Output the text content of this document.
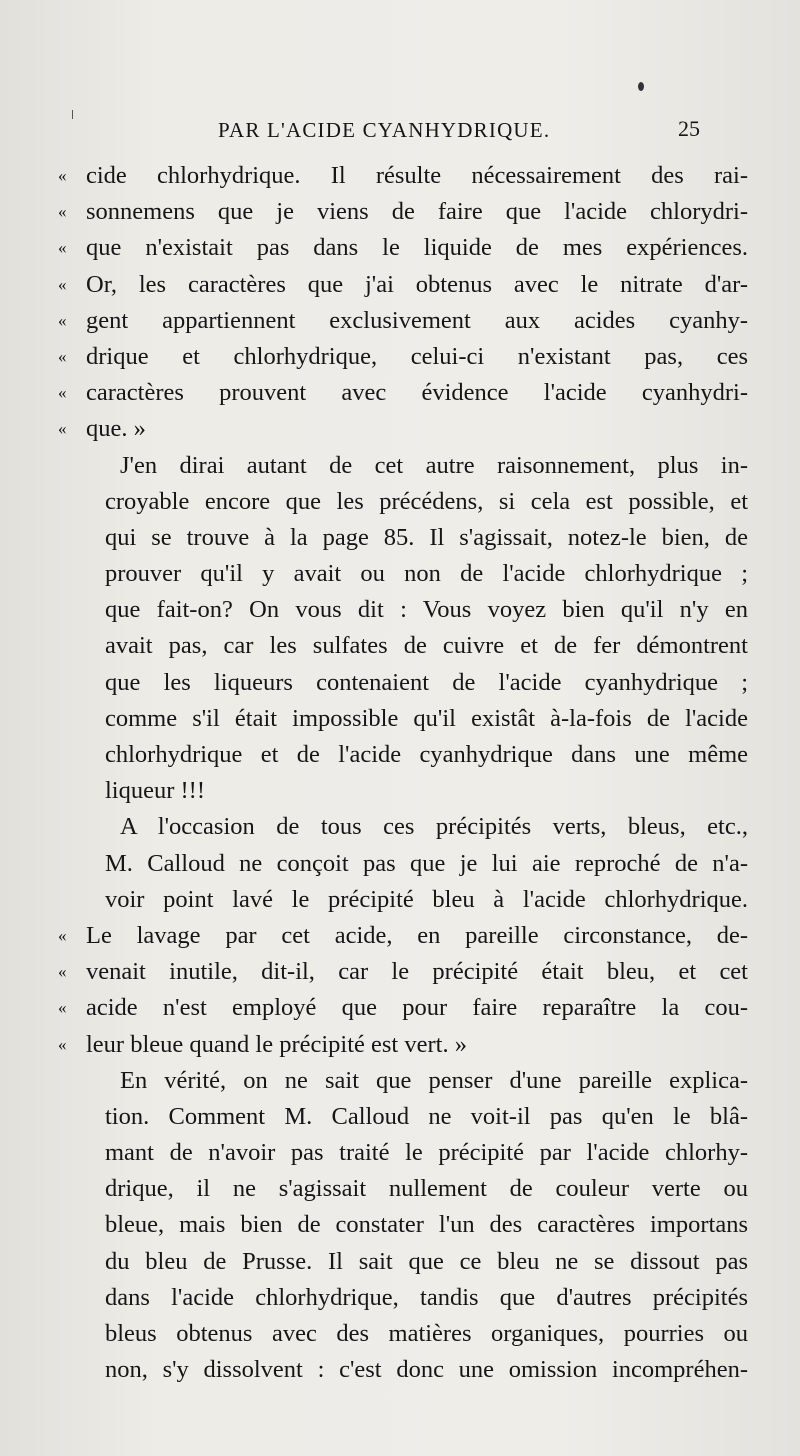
PAR L'ACIDE CYANHYDRIQUE.	25
« cide chlorhydrique. Il résulte nécessairement des rai-
« sonnemens que je viens de faire que l'acide chlorydri-
« que n'existait pas dans le liquide de mes expériences.
« Or, les caractères que j'ai obtenus avec le nitrate d'ar-
« gent appartiennent exclusivement aux acides cyanhy-
« drique et chlorhydrique, celui-ci n'existant pas, ces
« caractères prouvent avec évidence l'acide cyanhydri-
« que. »
J'en dirai autant de cet autre raisonnement, plus in-
croyable encore que les précédens, si cela est possible, et
qui se trouve à la page 85. Il s'agissait, notez-le bien, de
prouver qu'il y avait ou non de l'acide chlorhydrique ;
que fait-on? On vous dit : Vous voyez bien qu'il n'y en
avait pas, car les sulfates de cuivre et de fer démontrent
que les liqueurs contenaient de l'acide cyanhydrique ;
comme s'il était impossible qu'il existât à-la-fois de l'acide
chlorhydrique et de l'acide cyanhydrique dans une même
liqueur !!!
A l'occasion de tous ces précipités verts, bleus, etc.,
M. Calloud ne conçoit pas que je lui aie reproché de n'a-
voir point lavé le précipité bleu à l'acide chlorhydrique.
« Le lavage par cet acide, en pareille circonstance, de-
« venait inutile, dit-il, car le précipité était bleu, et cet
« acide n'est employé que pour faire reparaître la cou-
« leur bleue quand le précipité est vert. »
En vérité, on ne sait que penser d'une pareille explica-
tion. Comment M. Calloud ne voit-il pas qu'en le blâ-
mant de n'avoir pas traité le précipité par l'acide chlorhy-
drique, il ne s'agissait nullement de couleur verte ou
bleue, mais bien de constater l'un des caractères importans
du bleu de Prusse. Il sait que ce bleu ne se dissout pas
dans l'acide chlorhydrique, tandis que d'autres précipités
bleus obtenus avec des matières organiques, pourries ou
non, s'y dissolvent : c'est donc une omission incompréhen-
